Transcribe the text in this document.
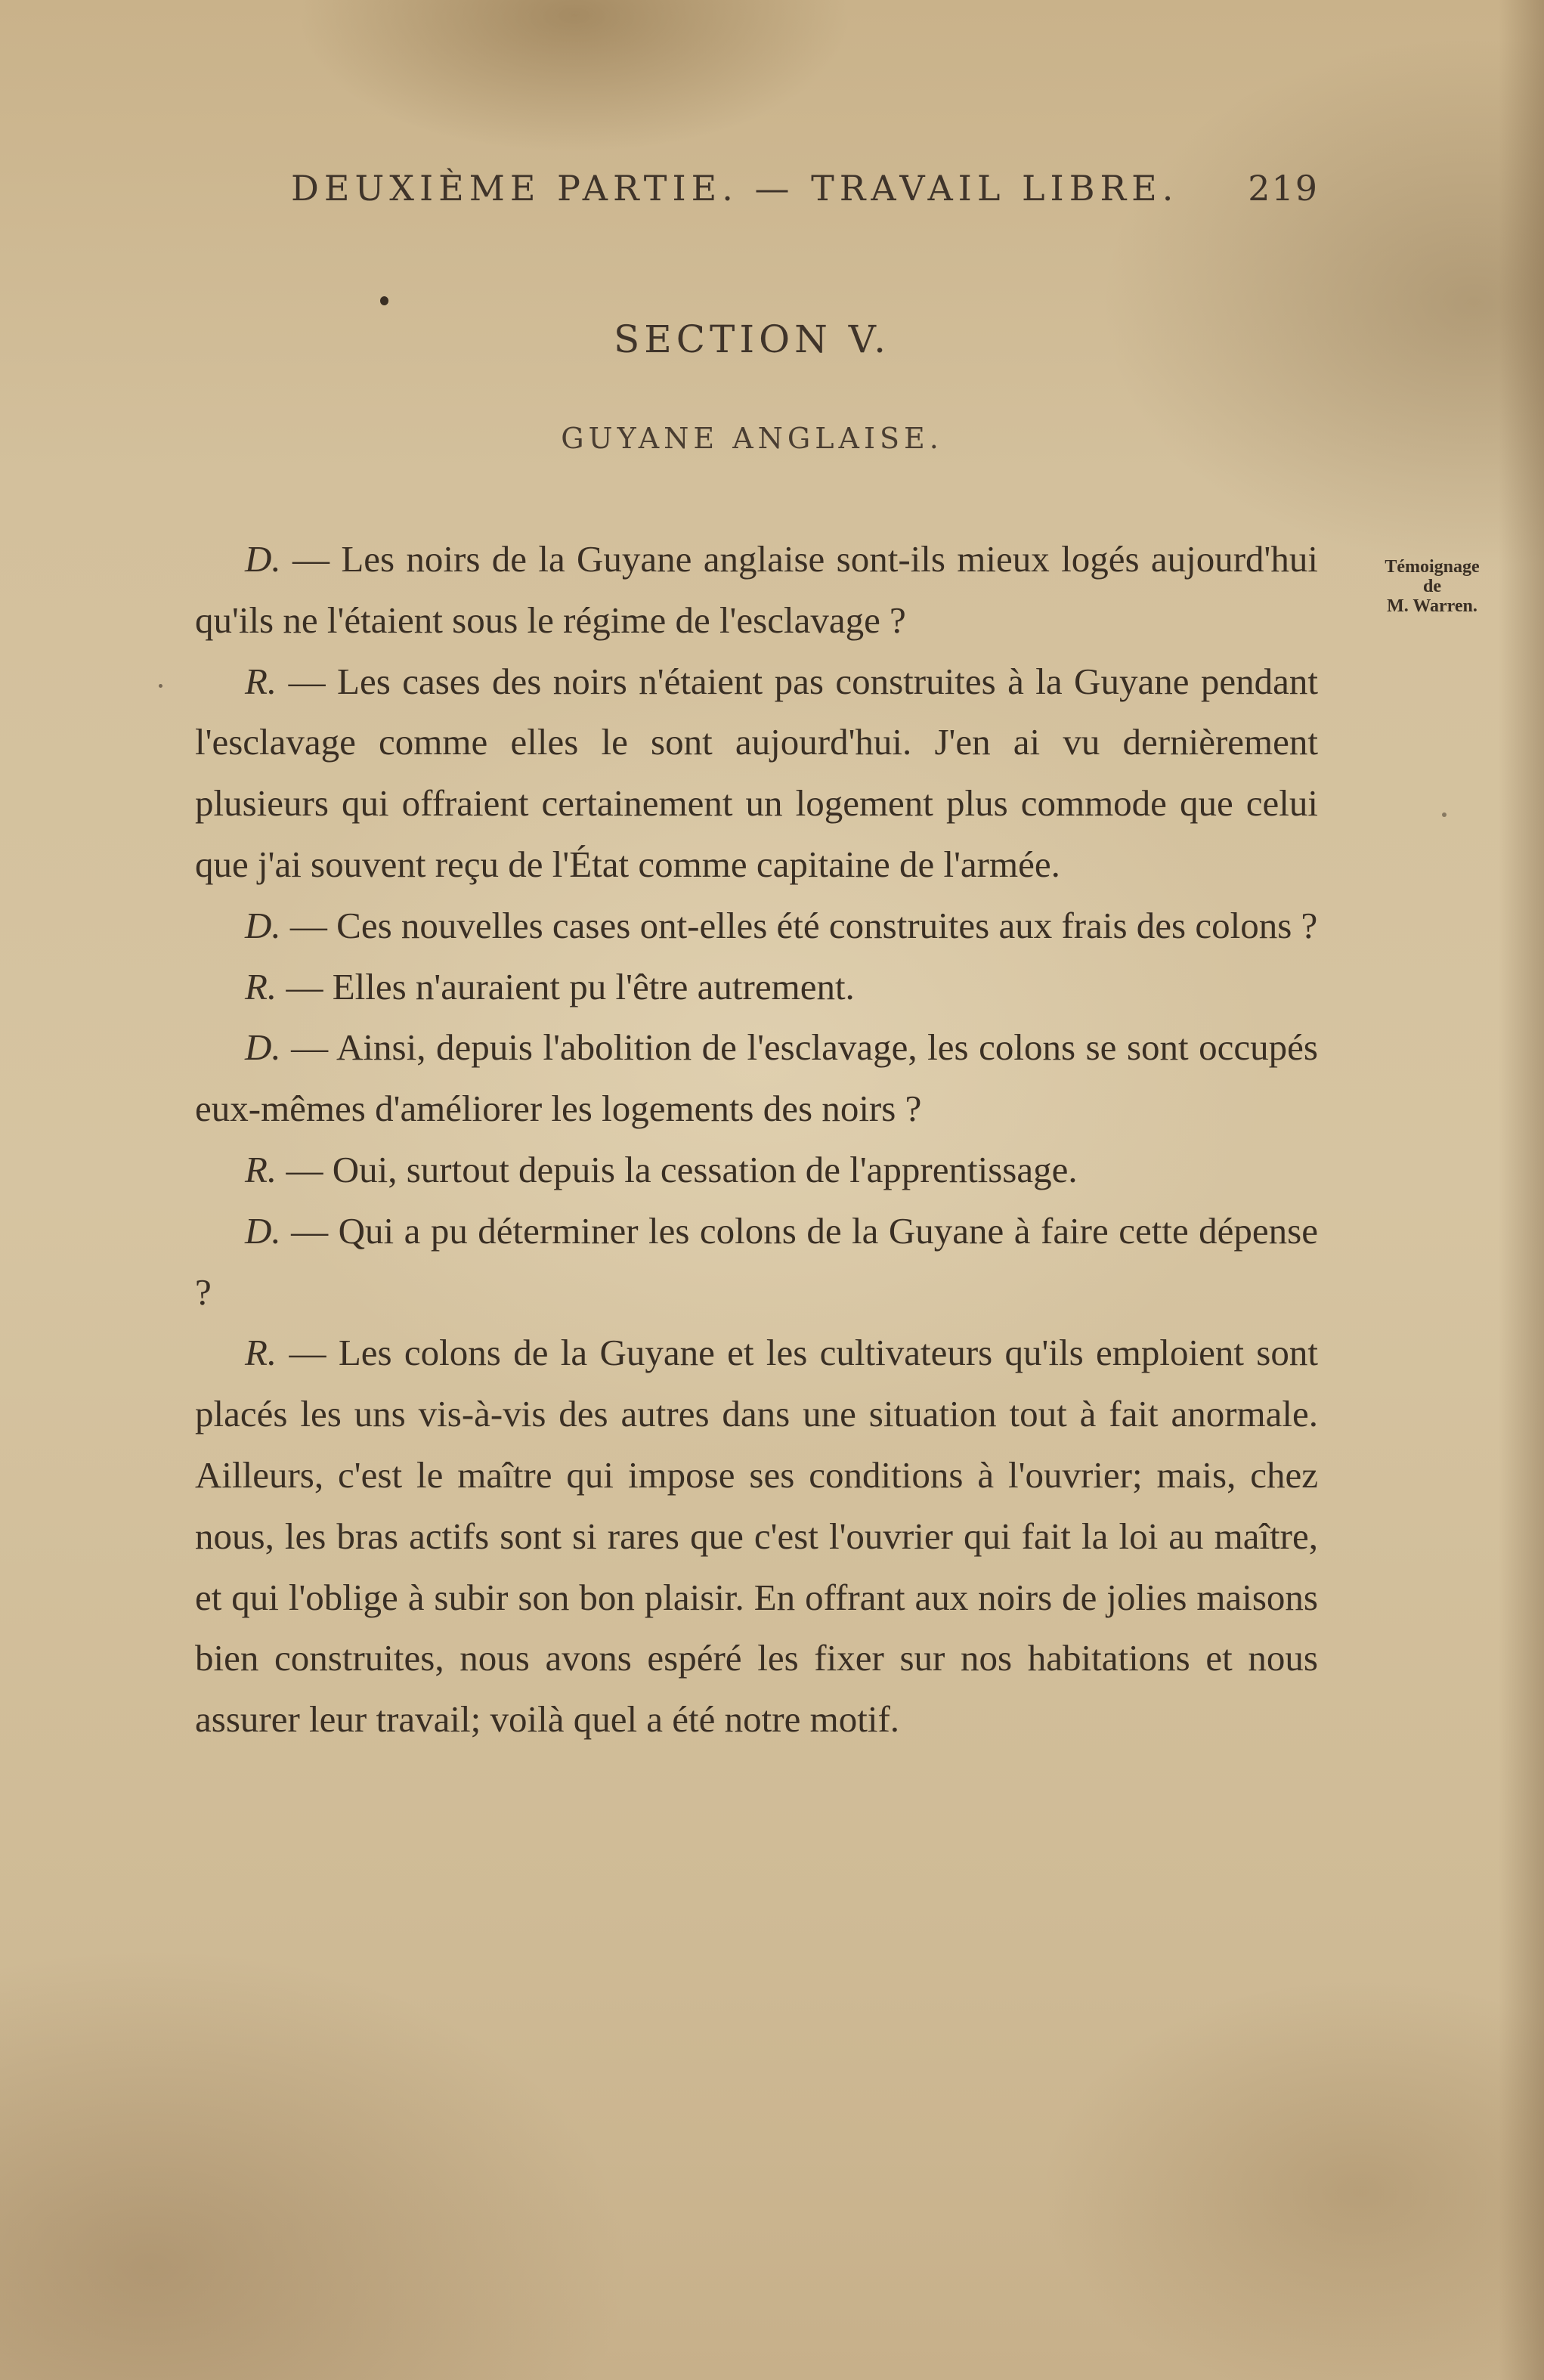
DEUXIÈME PARTIE. — TRAVAIL LIBRE. 219
SECTION V.
GUYANE ANGLAISE.
Témoignage
de
M. Warren.

D. — Les noirs de la Guyane anglaise sont-ils mieux logés aujourd'hui qu'ils ne l'étaient sous le régime de l'esclavage ?

R. — Les cases des noirs n'étaient pas construites à la Guyane pendant l'esclavage comme elles le sont aujourd'hui. J'en ai vu dernièrement plusieurs qui offraient certainement un logement plus commode que celui que j'ai souvent reçu de l'État comme capitaine de l'armée.

D. — Ces nouvelles cases ont-elles été construites aux frais des colons ?

R. — Elles n'auraient pu l'être autrement.

D. — Ainsi, depuis l'abolition de l'esclavage, les colons se sont occupés eux-mêmes d'améliorer les logements des noirs ?

R. — Oui, surtout depuis la cessation de l'apprentissage.

D. — Qui a pu déterminer les colons de la Guyane à faire cette dépense ?

R. — Les colons de la Guyane et les cultivateurs qu'ils emploient sont placés les uns vis-à-vis des autres dans une situation tout à fait anormale. Ailleurs, c'est le maître qui impose ses conditions à l'ouvrier; mais, chez nous, les bras actifs sont si rares que c'est l'ouvrier qui fait la loi au maître, et qui l'oblige à subir son bon plaisir. En offrant aux noirs de jolies maisons bien construites, nous avons espéré les fixer sur nos habitations et nous assurer leur travail; voilà quel a été notre motif.
